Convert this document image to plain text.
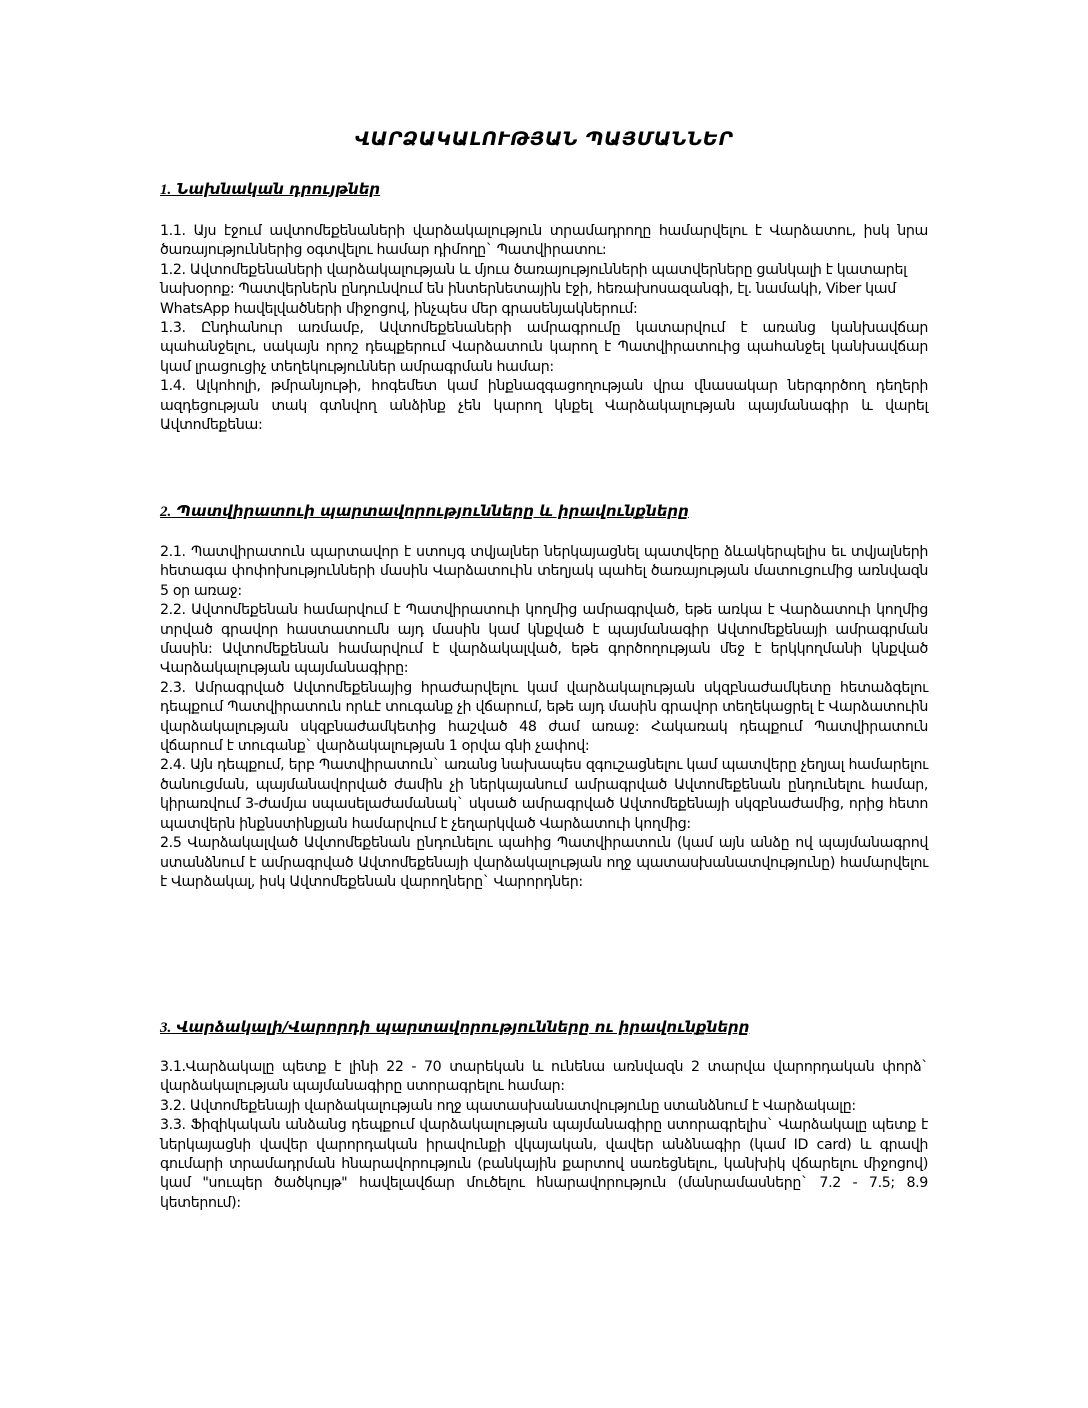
ՎԱՐՁԱԿԱԼՈՒԹՅԱՆ ՊԱՅՄԱՆՆԵՐ
1. Նախնական դրույթներ

1.1. Այս էջում ավտոմեքենաների վարձակալություն տրամադրողը համարվելու է Վարձատու, իսկ նրա ծառայություններից օգտվելու համար դիմողը` Պատվիրատու:

1.2. Ավտոմեքենաների վարձակալության և մյուս ծառայությունների պատվերները ցանկալի է կատարել նախօրոք: Պատվերներն ընդունվում են ինտերնետային էջի, հեռախոսազանգի, էլ. նամակի, Viber կամ WhatsApp հավելվածների միջոցով, ինչպես մեր գրասենյակներում:

1.3. Ընդհանուր առմամբ, Ավտոմեքենաների ամրագրումը կատարվում է առանց կանխավճար պահանջելու, սակայն որոշ դեպքերում Վարձատուն կարող է Պատվիրատուից պահանջել կանխավճար կամ լրացուցիչ տեղեկություններ ամրագրման համար:

1.4. Ալկոհոլի, թմրանյութի, հոգեմետ կամ ինքնազգացողության վրա վնասակար ներգործող դեղերի ազդեցության տակ գտնվող անձինք չեն կարող կնքել Վարձակալության պայմանագիր և վարել Ավտոմեքենա:

2. Պատվիրատուի պարտավորությունները և իրավունքները

2.1. Պատվիրատուն պարտավոր է ստույգ տվյալներ ներկայացնել պատվերը ձևակերպելիս եւ տվյալների հետագա փոփոխությունների մասին Վարձատուին տեղյակ պահել ծառայության մատուցումից առնվազն 5 օր առաջ:

2.2. Ավտոմեքենան համարվում է Պատվիրատուի կողմից ամրագրված, եթե առկա է Վարձատուի կողմից տրված գրավոր հաստատումն այդ մասին կամ կնքված է պայմանագիր Ավտոմեքենայի ամրագրման մասին: Ավտոմեքենան համարվում է վարձակալված, եթե գործողության մեջ է երկկողմանի կնքված Վարձակալության պայմանագիրը:

2.3. Ամրագրված Ավտոմեքենայից հրաժարվելու կամ վարձակալության սկզբնաժամկետը հետաձգելու դեպքում Պատվիրատուն որևէ տուգանք չի վճարում, եթե այդ մասին գրավոր տեղեկացրել է Վարձատուին վարձակալության սկզբնաժամկետից հաշված 48 ժամ առաջ: Հակառակ դեպքում Պատվիրատուն վճարում է տուգանք` վարձակալության 1 օրվա գնի չափով:

2.4. Այն դեպքում, երբ Պատվիրատուն` առանց նախապես զգուշացնելու կամ պատվերը չեղյալ համարելու ծանուցման, պայմանավորված ժամին չի ներկայանում ամրագրված Ավտոմեքենան ընդունելու համար, կիրառվում 3-ժամյա սպասելաժամանակ` սկսած ամրագրված Ավտոմեքենայի սկզբնաժամից, որից հետո պատվերն ինքնստինքյան համարվում է չեղարկված Վարձատուի կողմից:

2.5 Վարձակալված Ավտոմեքենան ընդունելու պահից Պատվիրատուն (կամ այն անձը ով պայմանագրով ստանձնում է ամրագրված Ավտոմեքենայի վարձակալության ողջ պատասխանատվությունը) համարվելու է Վարձակալ, իսկ Ավտոմեքենան վարողները` Վարորդներ:

3. Վարձակալի/Վարորդի պարտավորությունները ու իրավունքները

3.1.Վարձակալը պետք է լինի 22 - 70 տարեկան և ունենա առնվազն 2 տարվա վարորդական փորձ` վարձակալության պայմանագիրը ստորագրելու համար:

3.2. Ավտոմեքենայի վարձակալության ողջ պատասխանատվությունը ստանձնում է Վարձակալը:

3.3. Ֆիզիկական անձանց դեպքում վարձակալության պայմանագիրը ստորագրելիս` Վարձակալը պետք է ներկայացնի վավեր վարորդական իրավունքի վկայական, վավեր անձնագիր (կամ ID card) և գրավի գումարի տրամադրման հնարավորություն (բանկային քարտով սառեցնելու, կանխիկ վճարելու միջոցով) կամ "սուպեր ծածկույթ" հավելավճար մուծելու հնարավորություն (մանրամասները` 7.2 - 7.5; 8.9 կետերում):
